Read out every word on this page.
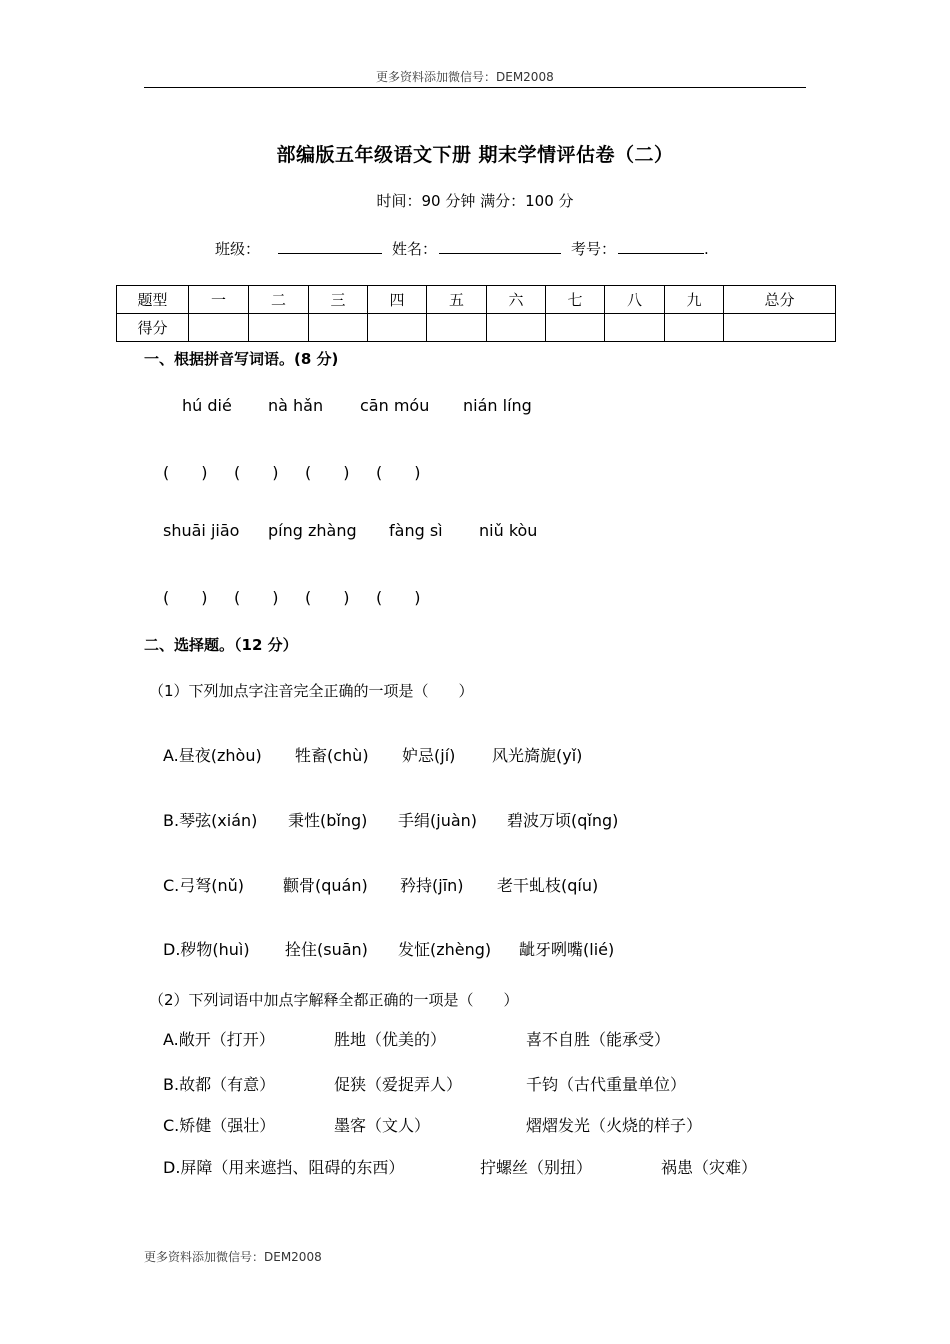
更多资料添加微信号：DEM2008
部编版五年级语文下册 期末学情评估卷（二）
时间：90 分钟 满分：100 分
班级：	姓名：	考号：	.
题型	一	二	三	四	五	六	七	八	九	总分
得分										
一、根据拼音写词语。(8 分)
hú dié nà hǎn cān móu nián líng
(　　) (　　) (　　) (　　)
shuāi jiāo píng zhàng fàng sì niǔ kòu
(　　) (　　) (　　) (　　)
二、选择题。（12 分）
（1）下列加点字注音完全正确的一项是（　　）
A.昼夜(zhòu) 牲畜(chù) 妒忌(jí) 风光旖旎(yǐ)
B.琴弦(xián) 秉性(bǐng) 手绢(juàn) 碧波万顷(qǐng)
C.弓弩(nǔ) 颧骨(quán) 矜持(jīn) 老干虬枝(qíu)
D.秽物(huì) 拴住(suān) 发怔(zhèng) 龇牙咧嘴(lié)
（2）下列词语中加点字解释全都正确的一项是（　　）
A.敞开（打开）	胜地（优美的）	喜不自胜（能承受）
B.故都（有意）	促狭（爱捉弄人）	千钧（古代重量单位）
C.矫健（强壮）	墨客（文人）	熠熠发光（火烧的样子）
D.屏障（用来遮挡、阻碍的东西）	拧螺丝（别扭）	祸患（灾难）
更多资料添加微信号：DEM2008
